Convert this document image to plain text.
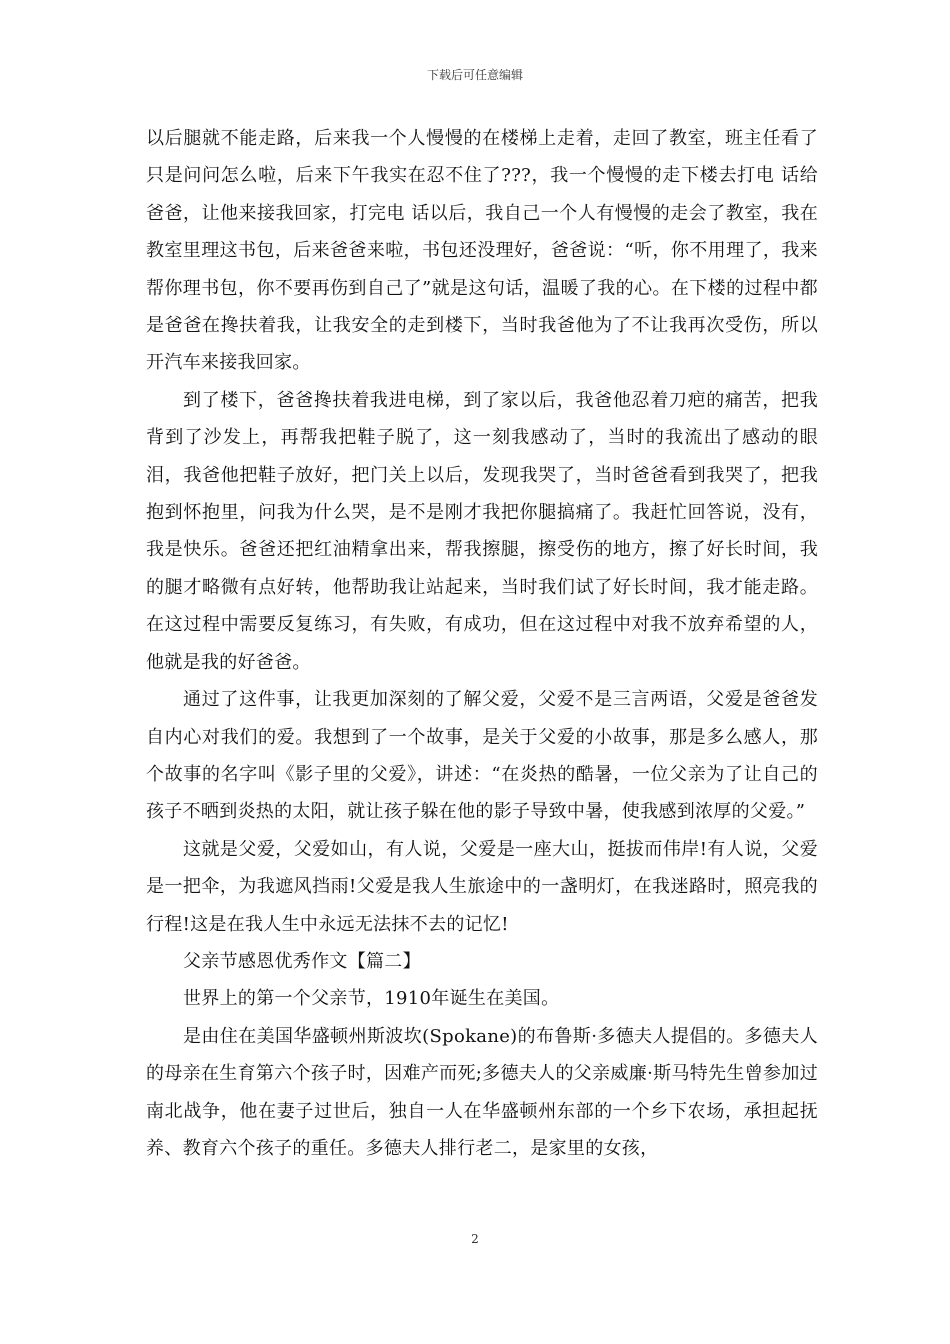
下载后可任意编辑

以后腿就不能走路，后来我一个人慢慢的在楼梯上走着，走回了教室，班主任看了只是问问怎么啦，后来下午我实在忍不住了???，我一个慢慢的走下楼去打电 话给爸爸，让他来接我回家，打完电 话以后，我自己一个人有慢慢的走会了教室，我在教室里理这书包，后来爸爸来啦，书包还没理好，爸爸说：“听，你不用理了，我来帮你理书包，你不要再伤到自己了”就是这句话，温暖了我的心。在下楼的过程中都是爸爸在搀扶着我，让我安全的走到楼下，当时我爸他为了不让我再次受伤，所以开汽车来接我回家。

到了楼下，爸爸搀扶着我进电梯，到了家以后，我爸他忍着刀疤的痛苦，把我背到了沙发上，再帮我把鞋子脱了，这一刻我感动了，当时的我流出了感动的眼泪，我爸他把鞋子放好，把门关上以后，发现我哭了，当时爸爸看到我哭了，把我抱到怀抱里，问我为什么哭，是不是刚才我把你腿搞痛了。我赶忙回答说，没有，我是快乐。爸爸还把红油精拿出来，帮我擦腿，擦受伤的地方，擦了好长时间，我的腿才略微有点好转，他帮助我让站起来，当时我们试了好长时间，我才能走路。在这过程中需要反复练习，有失败，有成功，但在这过程中对我不放弃希望的人，他就是我的好爸爸。

通过了这件事，让我更加深刻的了解父爱，父爱不是三言两语，父爱是爸爸发自内心对我们的爱。我想到了一个故事，是关于父爱的小故事，那是多么感人，那个故事的名字叫《影子里的父爱》，讲述：“在炎热的酷暑，一位父亲为了让自己的孩子不晒到炎热的太阳，就让孩子躲在他的影子导致中暑，使我感到浓厚的父爱。”

这就是父爱，父爱如山，有人说，父爱是一座大山，挺拔而伟岸!有人说，父爱是一把伞，为我遮风挡雨!父爱是我人生旅途中的一盏明灯，在我迷路时，照亮我的行程!这是在我人生中永远无法抹不去的记忆!

父亲节感恩优秀作文【篇二】

世界上的第一个父亲节，1910年诞生在美国。

是由住在美国华盛顿州斯波坎(Spokane)的布鲁斯·多德夫人提倡的。多德夫人的母亲在生育第六个孩子时，因难产而死;多德夫人的父亲威廉·斯马特先生曾参加过南北战争，他在妻子过世后，独自一人在华盛顿州东部的一个乡下农场，承担起抚养、教育六个孩子的重任。多德夫人排行老二，是家里的女孩，

2
